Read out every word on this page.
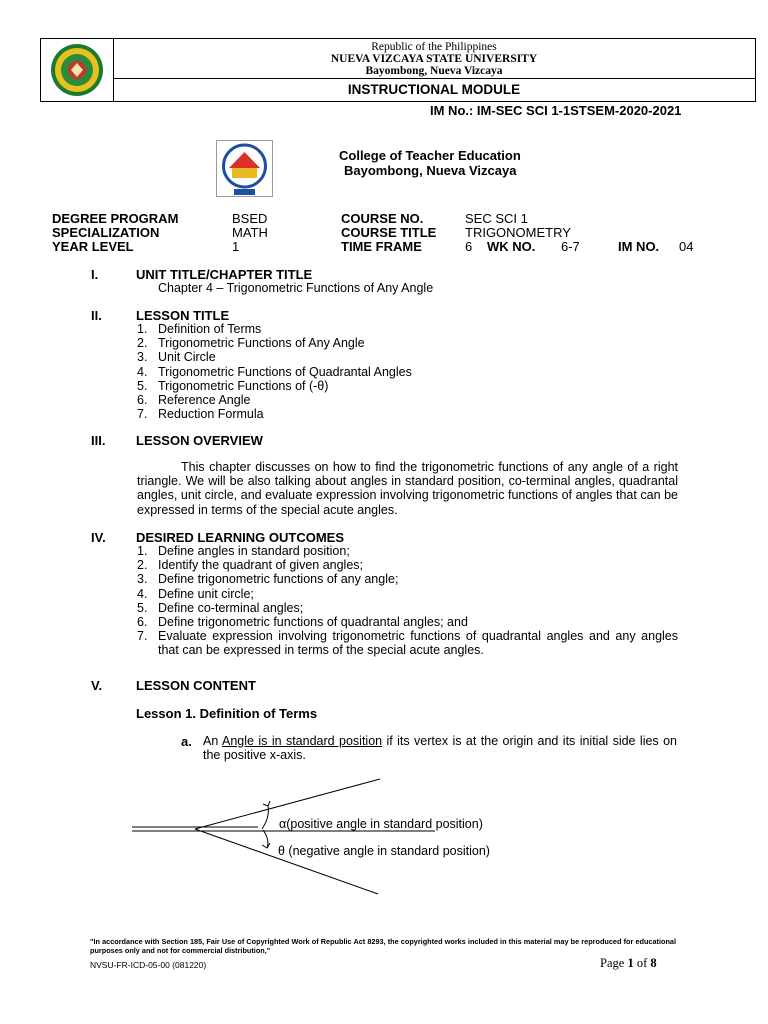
Republic of the Philippines
NUEVA VIZCAYA STATE UNIVERSITY
Bayombong, Nueva Vizcaya
INSTRUCTIONAL MODULE
IM No.: IM-SEC SCI 1-1STSEM-2020-2021
College of Teacher Education
Bayombong, Nueva Vizcaya
DEGREE PROGRAM	BSED	COURSE NO.	SEC SCI 1
SPECIALIZATION	MATH	COURSE TITLE TRIGONOMETRY
YEAR LEVEL	1	TIME FRAME	6 WK NO. 6-7	IM NO. 04
I.	UNIT TITLE/CHAPTER TITLE
Chapter 4 – Trigonometric Functions of Any Angle
II.	LESSON TITLE
1. Definition of Terms
2. Trigonometric Functions of Any Angle
3. Unit Circle
4. Trigonometric Functions of Quadrantal Angles
5. Trigonometric Functions of (-θ)
6. Reference Angle
7. Reduction Formula
III. LESSON OVERVIEW
This chapter discusses on how to find the trigonometric functions of any angle of a right triangle. We will be also talking about angles in standard position, co-terminal angles, quadrantal angles, unit circle, and evaluate expression involving trigonometric functions of angles that can be expressed in terms of the special acute angles.
IV. DESIRED LEARNING OUTCOMES
1. Define angles in standard position;
2. Identify the quadrant of given angles;
3. Define trigonometric functions of any angle;
4. Define unit circle;
5. Define co-terminal angles;
6. Define trigonometric functions of quadrantal angles; and
7. Evaluate expression involving trigonometric functions of quadrantal angles and any angles that can be expressed in terms of the special acute angles.
V.	LESSON CONTENT
Lesson 1. Definition of Terms
a. An Angle is in standard position if its vertex is at the origin and its initial side lies on the positive x-axis.
α(positive angle in standard position)
θ (negative angle in standard position)
"In accordance with Section 185, Fair Use of Copyrighted Work of Republic Act 8293, the copyrighted works included in this material may be reproduced for educational purposes only and not for commercial distribution,"
NVSU-FR-ICD-05-00 (081220)	Page 1 of 8
